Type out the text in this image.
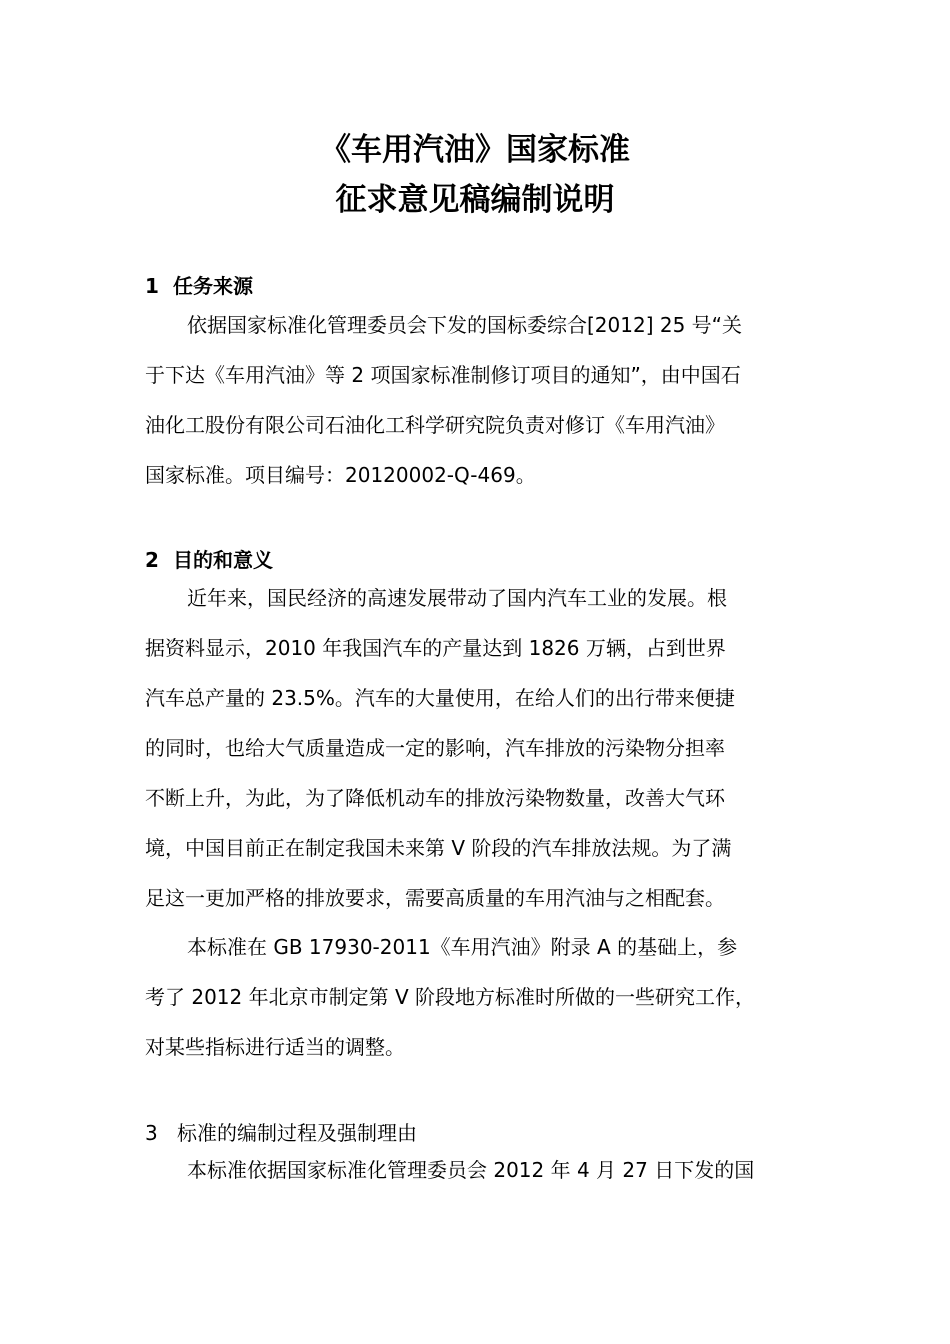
《车用汽油》国家标准
征求意见稿编制说明
1 任务来源
依据国家标准化管理委员会下发的国标委综合[2012] 25 号“关
于下达《车用汽油》等 2 项国家标准制修订项目的通知”，由中国石
油化工股份有限公司石油化工科学研究院负责对修订《车用汽油》
国家标准。项目编号：20120002-Q-469。
2 目的和意义
近年来，国民经济的高速发展带动了国内汽车工业的发展。根
据资料显示，2010 年我国汽车的产量达到 1826 万辆，占到世界
汽车总产量的 23.5%。汽车的大量使用，在给人们的出行带来便捷
的同时，也给大气质量造成一定的影响，汽车排放的污染物分担率
不断上升，为此，为了降低机动车的排放污染物数量，改善大气环
境，中国目前正在制定我国未来第 V 阶段的汽车排放法规。为了满
足这一更加严格的排放要求，需要高质量的车用汽油与之相配套。
本标准在 GB 17930-2011《车用汽油》附录 A 的基础上，参
考了 2012 年北京市制定第 V 阶段地方标准时所做的一些研究工作，
对某些指标进行适当的调整。
3 标准的编制过程及强制理由
本标准依据国家标准化管理委员会 2012 年 4 月 27 日下发的国
